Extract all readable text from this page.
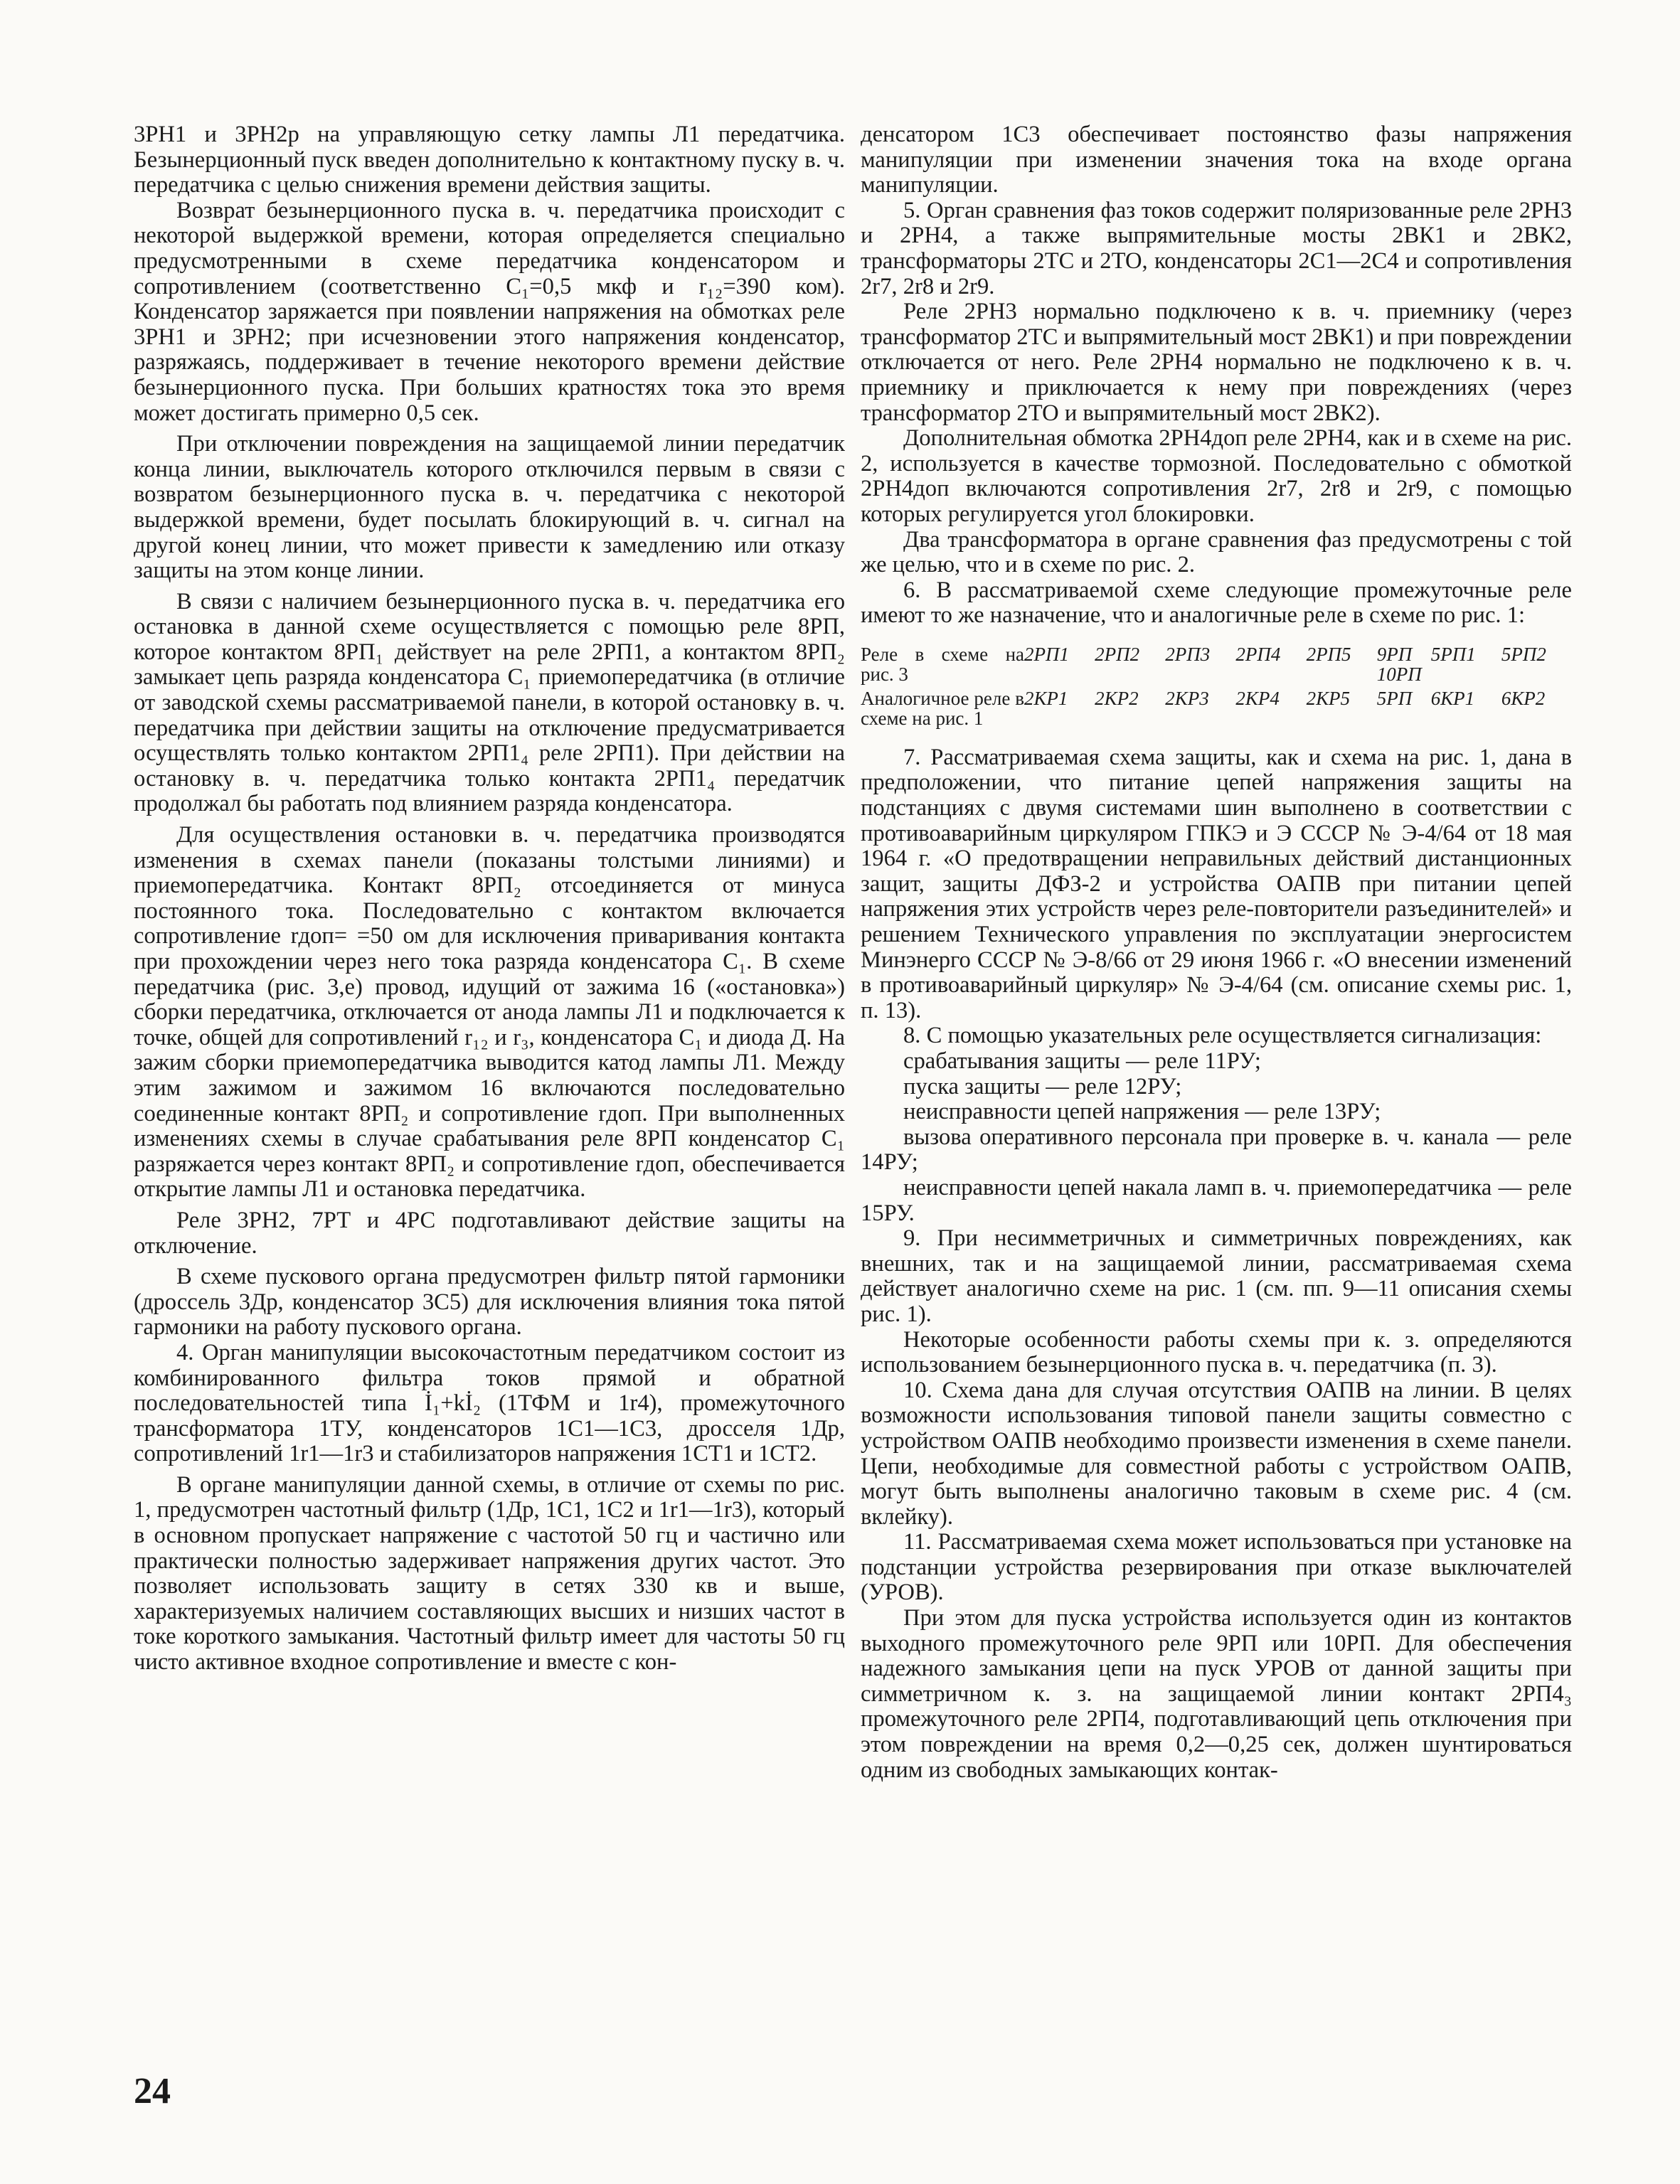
3РН1 и 3РН2р на управляющую сетку лампы Л1 передатчика. Безынерционный пуск введен дополнительно к контактному пуску в. ч. передатчика с целью снижения времени действия защиты.

Возврат безынерционного пуска в. ч. передатчика происходит с некоторой выдержкой времени, которая определяется специально предусмотренными в схеме передатчика конденсатором и сопротивлением (соответственно C₁=0,5 мкф и r₁₂=390 ком). Конденсатор заряжается при появлении напряжения на обмотках реле 3РН1 и 3РН2; при исчезновении этого напряжения конденсатор, разряжаясь, поддерживает в течение некоторого времени действие безынерционного пуска. При больших кратностях тока это время может достигать примерно 0,5 сек.

При отключении повреждения на защищаемой линии передатчик конца линии, выключатель которого отключился первым в связи с возвратом безынерционного пуска в. ч. передатчика с некоторой выдержкой времени, будет посылать блокирующий в. ч. сигнал на другой конец линии, что может привести к замедлению или отказу защиты на этом конце линии.

В связи с наличием безынерционного пуска в. ч. передатчика его остановка в данной схеме осуществляется с помощью реле 8РП, которое контактом 8РП₁ действует на реле 2РП1, а контактом 8РП₂ замыкает цепь разряда конденсатора C₁ приемопередатчика (в отличие от заводской схемы рассматриваемой панели, в которой остановку в. ч. передатчика при действии защиты на отключение предусматривается осуществлять только контактом 2РП1₄ реле 2РП1). При действии на остановку в. ч. передатчика только контакта 2РП1₄ передатчик продолжал бы работать под влиянием разряда конденсатора.

Для осуществления остановки в. ч. передатчика производятся изменения в схемах панели (показаны толстыми линиями) и приемопередатчика. Контакт 8РП₂ отсоединяется от минуса постоянного тока. Последовательно с контактом включается сопротивление rдоп= =50 ом для исключения приваривания контакта при прохождении через него тока разряда конденсатора C₁. В схеме передатчика (рис. 3,е) провод, идущий от зажима 16 («остановка») сборки передатчика, отключается от анода лампы Л1 и подключается к точке, общей для сопротивлений r₁₂ и r₃, конденсатора C₁ и диода Д. На зажим сборки приемопередатчика выводится катод лампы Л1. Между этим зажимом и зажимом 16 включаются последовательно соединенные контакт 8РП₂ и сопротивление rдоп. При выполненных изменениях схемы в случае срабатывания реле 8РП конденсатор C₁ разряжается через контакт 8РП₂ и сопротивление rдоп, обеспечивается открытие лампы Л1 и остановка передатчика.

Реле 3РН2, 7РТ и 4РС подготавливают действие защиты на отключение.

В схеме пускового органа предусмотрен фильтр пятой гармоники (дроссель 3Др, конденсатор 3С5) для исключения влияния тока пятой гармоники на работу пускового органа.

4. Орган манипуляции высокочастотным передатчиком состоит из комбинированного фильтра токов прямой и обратной последовательностей типа İ₁+kİ₂ (1ТФМ и 1r4), промежуточного трансформатора 1ТУ, конденсаторов 1С1—1С3, дросселя 1Др, сопротивлений 1r1—1r3 и стабилизаторов напряжения 1СТ1 и 1СТ2.

В органе манипуляции данной схемы, в отличие от схемы по рис. 1, предусмотрен частотный фильтр (1Др, 1С1, 1С2 и 1r1—1r3), который в основном пропускает напряжение с частотой 50 гц и частично или практически полностью задерживает напряжения других частот. Это позволяет использовать защиту в сетях 330 кв и выше, характеризуемых наличием составляющих высших и низших частот в токе короткого замыкания. Частотный фильтр имеет для частоты 50 гц чисто активное входное сопротивление и вместе с кон-

денсатором 1С3 обеспечивает постоянство фазы напряжения манипуляции при изменении значения тока на входе органа манипуляции.

5. Орган сравнения фаз токов содержит поляризованные реле 2РН3 и 2РН4, а также выпрямительные мосты 2ВК1 и 2ВК2, трансформаторы 2ТС и 2ТО, конденсаторы 2С1—2С4 и сопротивления 2r7, 2r8 и 2r9.

Реле 2РН3 нормально подключено к в. ч. приемнику (через трансформатор 2ТС и выпрямительный мост 2ВК1) и при повреждении отключается от него. Реле 2РН4 нормально не подключено к в. ч. приемнику и приключается к нему при повреждениях (через трансформатор 2ТО и выпрямительный мост 2ВК2).

Дополнительная обмотка 2РН4доп реле 2РН4, как и в схеме на рис. 2, используется в качестве тормозной. Последовательно с обмоткой 2РН4доп включаются сопротивления 2r7, 2r8 и 2r9, с помощью которых регулируется угол блокировки.

Два трансформатора в органе сравнения фаз предусмотрены с той же целью, что и в схеме по рис. 2.

6. В рассматриваемой схеме следующие промежуточные реле имеют то же назначение, что и аналогичные реле в схеме по рис. 1:

Реле в схеме на рис. 3	2РП1	2РП2	2РП3	2РП4	2РП5	9РП 10РП	5РП1	5РП2
Аналогичное реле в схеме на рис. 1	2КР1	2КР2	2КР3	2КР4	2КР5	5РП	6КР1	6КР2

7. Рассматриваемая схема защиты, как и схема на рис. 1, дана в предположении, что питание цепей напряжения защиты на подстанциях с двумя системами шин выполнено в соответствии с противоаварийным циркуляром ГПКЭ и Э СССР № Э-4/64 от 18 мая 1964 г. «О предотвращении неправильных действий дистанционных защит, защиты ДФЗ-2 и устройства ОАПВ при питании цепей напряжения этих устройств через реле-повторители разъединителей» и решением Технического управления по эксплуатации энергосистем Минэнерго СССР № Э-8/66 от 29 июня 1966 г. «О внесении изменений в противоаварийный циркуляр» № Э-4/64 (см. описание схемы рис. 1, п. 13).

8. С помощью указательных реле осуществляется сигнализация:

срабатывания защиты — реле 11РУ;

пуска защиты — реле 12РУ;

неисправности цепей напряжения — реле 13РУ;

вызова оперативного персонала при проверке в. ч. канала — реле 14РУ;

неисправности цепей накала ламп в. ч. приемопередатчика — реле 15РУ.

9. При несимметричных и симметричных повреждениях, как внешних, так и на защищаемой линии, рассматриваемая схема действует аналогично схеме на рис. 1 (см. пп. 9—11 описания схемы рис. 1).

Некоторые особенности работы схемы при к. з. определяются использованием безынерционного пуска в. ч. передатчика (п. 3).

10. Схема дана для случая отсутствия ОАПВ на линии. В целях возможности использования типовой панели защиты совместно с устройством ОАПВ необходимо произвести изменения в схеме панели. Цепи, необходимые для совместной работы с устройством ОАПВ, могут быть выполнены аналогично таковым в схеме рис. 4 (см. вклейку).

11. Рассматриваемая схема может использоваться при установке на подстанции устройства резервирования при отказе выключателей (УРОВ).

При этом для пуска устройства используется один из контактов выходного промежуточного реле 9РП или 10РП. Для обеспечения надежного замыкания цепи на пуск УРОВ от данной защиты при симметричном к. з. на защищаемой линии контакт 2РП4₃ промежуточного реле 2РП4, подготавливающий цепь отключения при этом повреждении на время 0,2—0,25 сек, должен шунтироваться одним из свободных замыкающих контак-

24
